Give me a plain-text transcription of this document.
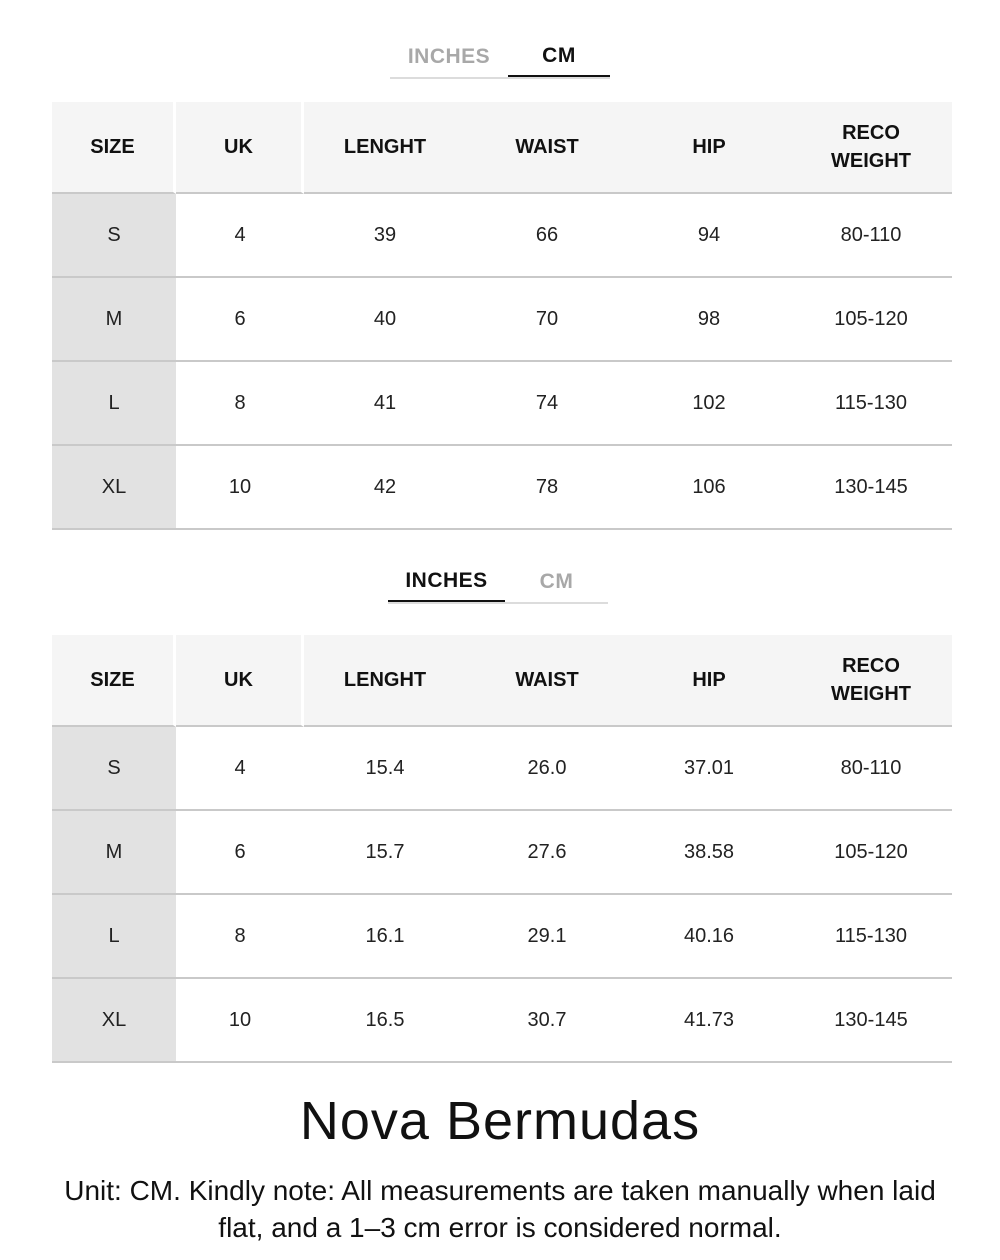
INCHES	CM
SIZE	UK	LENGHT	WAIST	HIP	RECO
WEIGHT
S	4	39	66	94	80-110
M	6	40	70	98	105-120
L	8	41	74	102	115-130
XL	10	42	78	106	130-145
INCHES	CM
SIZE	UK	LENGHT	WAIST	HIP	RECO
WEIGHT
S	4	15.4	26.0	37.01	80-110
M	6	15.7	27.6	38.58	105-120
L	8	16.1	29.1	40.16	115-130
XL	10	16.5	30.7	41.73	130-145
Nova Bermudas
Unit: CM. Kindly note: All measurements are taken manually when laid flat, and a 1–3 cm error is considered normal.
